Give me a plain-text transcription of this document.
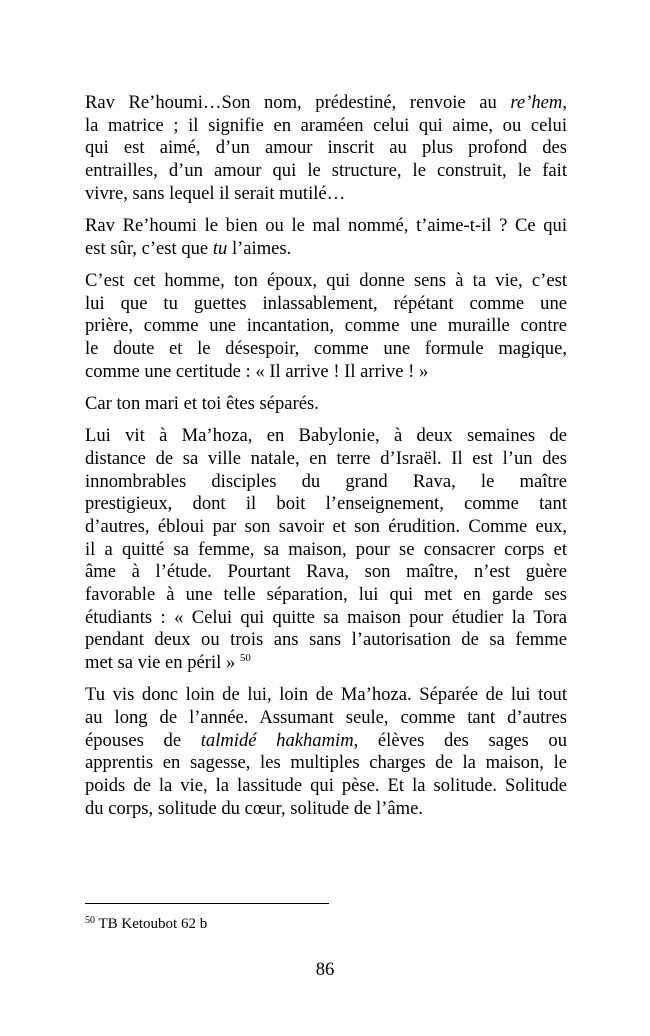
Rav Re’houmi…Son nom, prédestiné, renvoie au re’hem,
la matrice ; il signifie en araméen celui qui aime, ou celui
qui est aimé, d’un amour inscrit au plus profond des
entrailles, d’un amour qui le structure, le construit, le fait
vivre, sans lequel il serait mutilé…
Rav Re’houmi le bien ou le mal nommé, t’aime-t-il ? Ce qui
est sûr, c’est que tu l’aimes.
C’est cet homme, ton époux, qui donne sens à ta vie, c’est
lui que tu guettes inlassablement, répétant comme une
prière, comme une incantation, comme une muraille contre
le doute et le désespoir, comme une formule magique,
comme une certitude : « Il arrive ! Il arrive ! »
Car ton mari et toi êtes séparés.
Lui vit à Ma’hoza, en Babylonie, à deux semaines de
distance de sa ville natale, en terre d’Israël. Il est l’un des
innombrables disciples du grand Rava, le maître
prestigieux, dont il boit l’enseignement, comme tant
d’autres, ébloui par son savoir et son érudition. Comme eux,
il a quitté sa femme, sa maison, pour se consacrer corps et
âme à l’étude. Pourtant Rava, son maître, n’est guère
favorable à une telle séparation, lui qui met en garde ses
étudiants : « Celui qui quitte sa maison pour étudier la Tora
pendant deux ou trois ans sans l’autorisation de sa femme
met sa vie en péril » $^{50}$
Tu vis donc loin de lui, loin de Ma’hoza. Séparée de lui tout
au long de l’année. Assumant seule, comme tant d’autres
épouses de talmidé hakhamim, élèves des sages ou
apprentis en sagesse, les multiples charges de la maison, le
poids de la vie, la lassitude qui pèse. Et la solitude. Solitude
du corps, solitude du cœur, solitude de l’âme.
$^{50}$ TB Ketoubot 62 b
86
